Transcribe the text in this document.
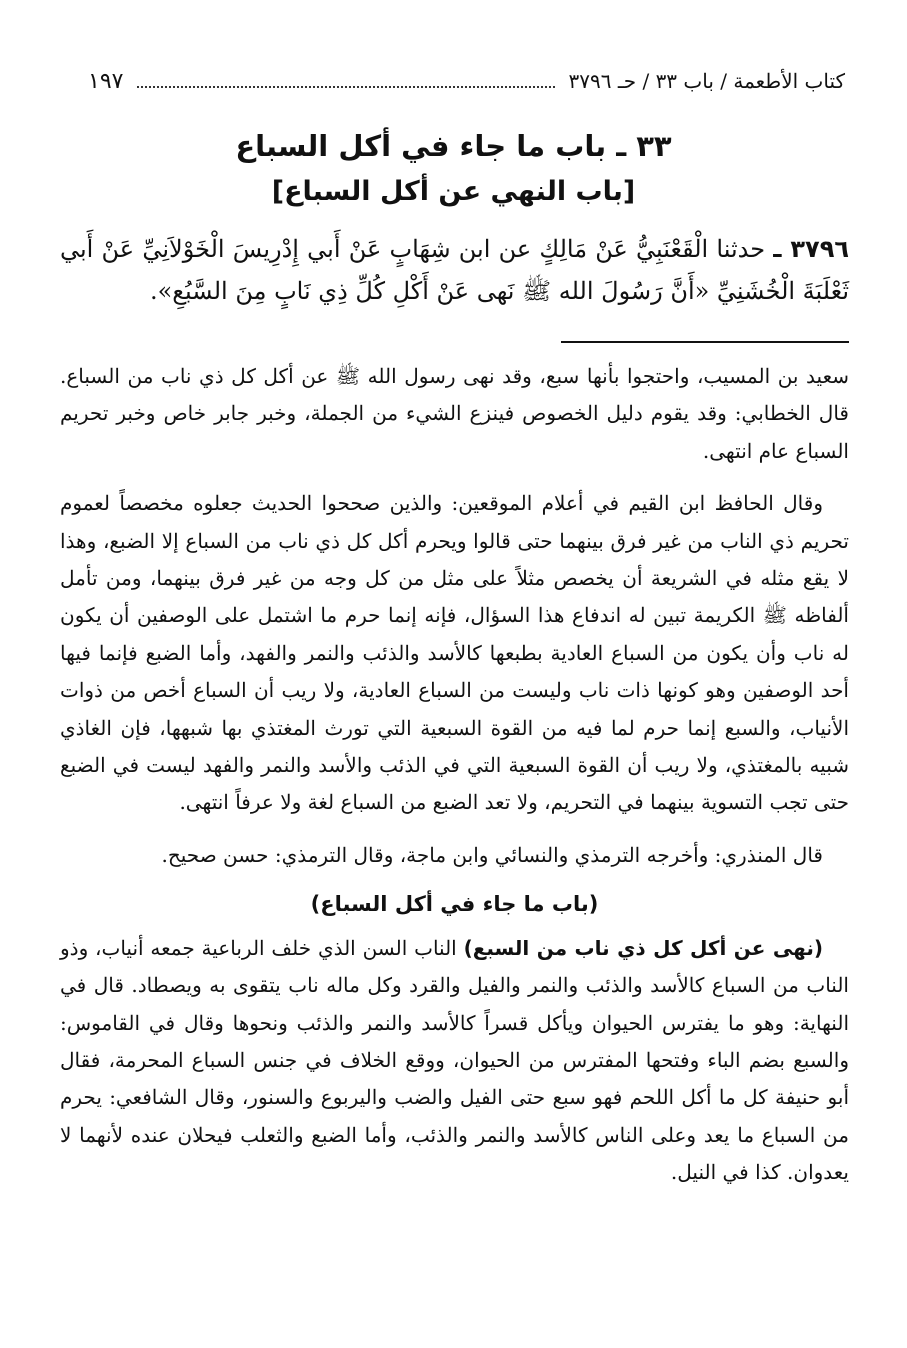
كتاب الأطعمة / باب ٣٣ / حـ ٣٧٩٦
١٩٧
٣٣ ـ باب ما جاء في أكل السباع
[باب النهي عن أكل السباع]
٣٧٩٦ ـ حدثنا الْقَعْنَبِيُّ عَنْ مَالِكٍ عن ابن شِهَابٍ عَنْ أَبي إِدْرِيسَ الْخَوْلاَنِيِّ عَنْ أَبي ثَعْلَبَةَ الْخُشَنِيِّ «أَنَّ رَسُولَ الله ﷺ نَهى عَنْ أَكْلِ كُلِّ ذِي نَابٍ مِنَ السَّبُعِ».

سعيد بن المسيب، واحتجوا بأنها سبع، وقد نهى رسول الله ﷺ عن أكل كل ذي ناب من السباع. قال الخطابي: وقد يقوم دليل الخصوص فينزع الشيء من الجملة، وخبر جابر خاص وخبر تحريم السباع عام انتهى.

وقال الحافظ ابن القيم في أعلام الموقعين: والذين صححوا الحديث جعلوه مخصصاً لعموم تحريم ذي الناب من غير فرق بينهما حتى قالوا ويحرم أكل كل ذي ناب من السباع إلا الضبع، وهذا لا يقع مثله في الشريعة أن يخصص مثلاً على مثل من كل وجه من غير فرق بينهما، ومن تأمل ألفاظه ﷺ الكريمة تبين له اندفاع هذا السؤال، فإنه إنما حرم ما اشتمل على الوصفين أن يكون له ناب وأن يكون من السباع العادية بطبعها كالأسد والذئب والنمر والفهد، وأما الضبع فإنما فيها أحد الوصفين وهو كونها ذات ناب وليست من السباع العادية، ولا ريب أن السباع أخص من ذوات الأنياب، والسبع إنما حرم لما فيه من القوة السبعية التي تورث المغتذي بها شبهها، فإن الغاذي شبيه بالمغتذي، ولا ريب أن القوة السبعية التي في الذئب والأسد والنمر والفهد ليست في الضبع حتى تجب التسوية بينهما في التحريم، ولا تعد الضبع من السباع لغة ولا عرفاً انتهى.

قال المنذري: وأخرجه الترمذي والنسائي وابن ماجة، وقال الترمذي: حسن صحيح.

(باب ما جاء في أكل السباع)

(نهى عن أكل كل ذي ناب من السبع) الناب السن الذي خلف الرباعية جمعه أنياب، وذو الناب من السباع كالأسد والذئب والنمر والفيل والقرد وكل ماله ناب يتقوى به ويصطاد. قال في النهاية: وهو ما يفترس الحيوان ويأكل قسراً كالأسد والنمر والذئب ونحوها وقال في القاموس: والسبع بضم الباء وفتحها المفترس من الحيوان، ووقع الخلاف في جنس السباع المحرمة، فقال أبو حنيفة كل ما أكل اللحم فهو سبع حتى الفيل والضب واليربوع والسنور، وقال الشافعي: يحرم من السباع ما يعد وعلى الناس كالأسد والنمر والذئب، وأما الضبع والثعلب فيحلان عنده لأنهما لا يعدوان. كذا في النيل.
